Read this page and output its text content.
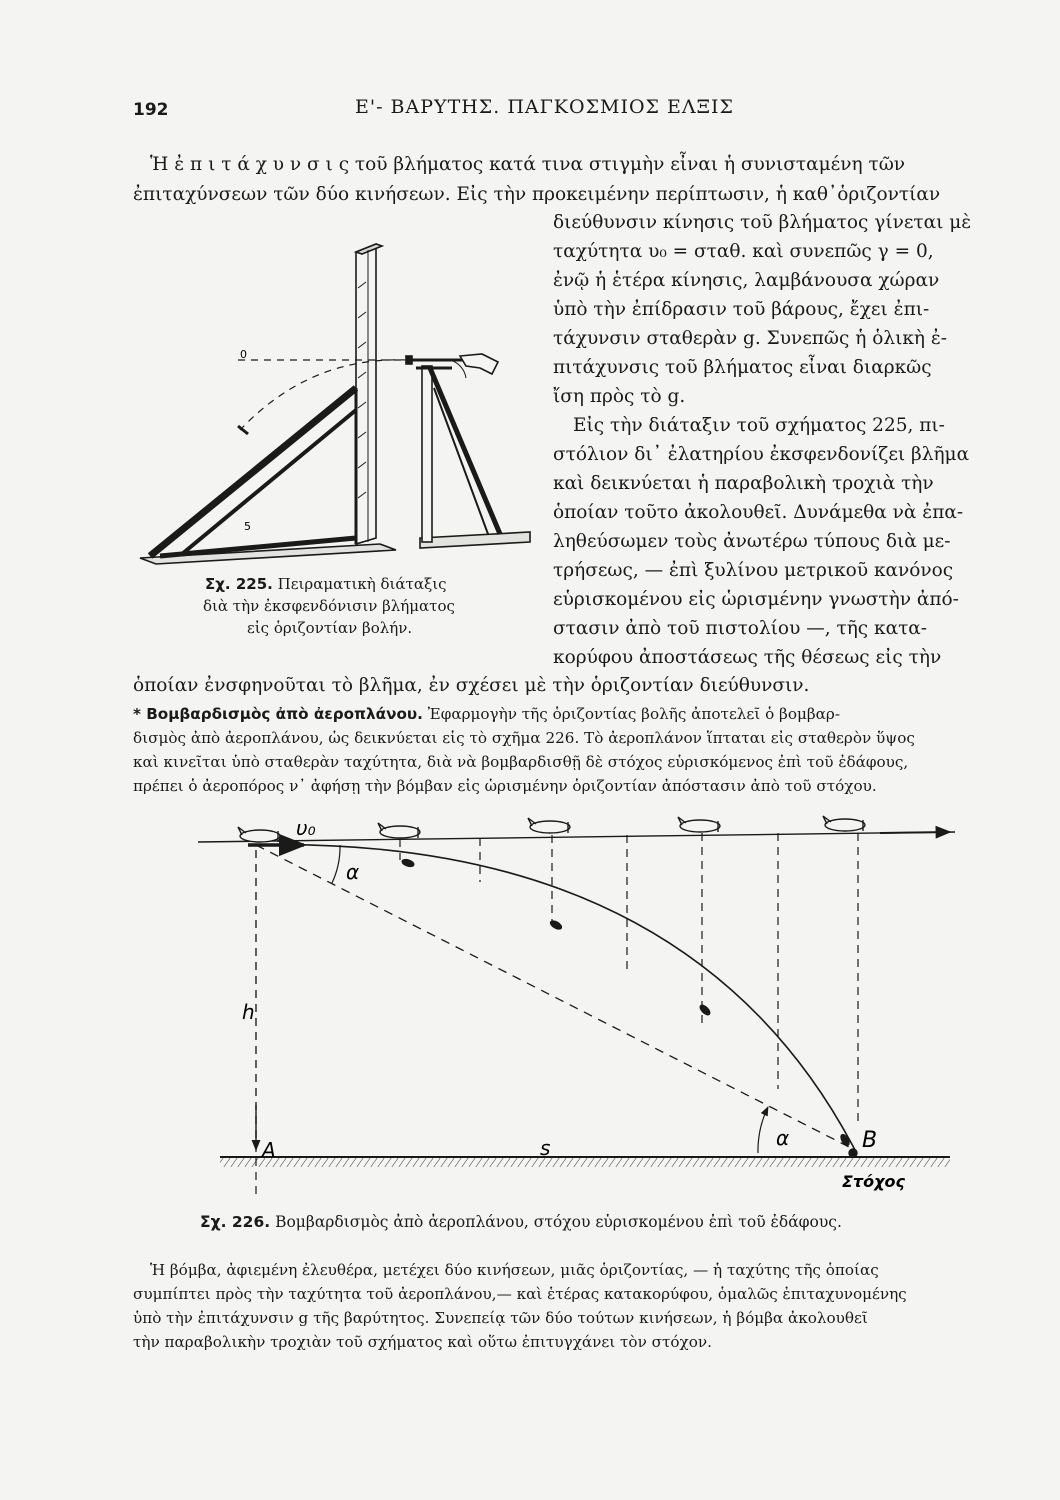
192	Ε'- ΒΑΡΥΤΗΣ. ΠΑΓΚΟΣΜΙΟΣ ΕΛΞΙΣ
Ἡ ἐ π ι τ ά χ υ ν σ ι ς τοῦ βλήματος κατά τινα στιγμὴν εἶναι ἡ συνισταμένη τῶν
ἐπιταχύνσεων τῶν δύο κινήσεων. Εἰς τὴν προκειμένην περίπτωσιν, ἡ καθ᾽ὁριζοντίαν
διεύθυνσιν κίνησις τοῦ βλήματος γίνεται μὲ
ταχύτητα υ₀ = σταθ. καὶ συνεπῶς γ = 0,
ἐνῷ ἡ ἑτέρα κίνησις, λαμβάνουσα χώραν
ὑπὸ τὴν ἐπίδρασιν τοῦ βάρους, ἔχει ἐπι-
τάχυνσιν σταθερὰν g. Συνεπῶς ἡ ὁλικὴ ἐ-
πιτάχυνσις τοῦ βλήματος εἶναι διαρκῶς
ἴση πρὸς τὸ g.
Εἰς τὴν διάταξιν τοῦ σχήματος 225, πι-
στόλιον δι᾽ ἐλατηρίου ἐκσφενδονίζει βλῆμα
καὶ δεικνύεται ἡ παραβολικὴ τροχιὰ τὴν
ὁποίαν τοῦτο ἀκολουθεῖ. Δυνάμεθα νὰ ἐπα-
ληθεύσωμεν τοὺς ἀνωτέρω τύπους διὰ με-
τρήσεως, — ἐπὶ ξυλίνου μετρικοῦ κανόνος
εὑρισκομένου εἰς ὡρισμένην γνωστὴν ἀπό-
στασιν ἀπὸ τοῦ πιστολίου —, τῆς κατα-
κορύφου ἀποστάσεως τῆς θέσεως εἰς τὴν
ὁποίαν ἐνσφηνοῦται τὸ βλῆμα, ἐν σχέσει μὲ τὴν ὁριζοντίαν διεύθυνσιν.
0
5
Σχ. 225. Πειραματικὴ διάταξις
διὰ τὴν ἐκσφενδόνισιν βλήματος
εἰς ὁριζοντίαν βολήν.
* Βομβαρδισμὸς ἀπὸ ἀεροπλάνου. Ἐφαρμογὴν τῆς ὁριζοντίας βολῆς ἀποτελεῖ ὁ βομβαρ-
δισμὸς ἀπὸ ἀεροπλάνου, ὡς δεικνύεται εἰς τὸ σχῆμα 226. Τὸ ἀεροπλάνον ἵπταται εἰς σταθερὸν ὕψος
καὶ κινεῖται ὑπὸ σταθερὰν ταχύτητα, διὰ νὰ βομβαρδισθῇ δὲ στόχος εὑρισκόμενος ἐπὶ τοῦ ἐδάφους,
πρέπει ὁ ἀεροπόρος ν᾽ ἀφήσῃ τὴν βόμβαν εἰς ὡρισμένην ὁριζοντίαν ἀπόστασιν ἀπὸ τοῦ στόχου.
υ₀
α
h
A	s	α	B
Στόχος
Σχ. 226. Βομβαρδισμὸς ἀπὸ ἀεροπλάνου, στόχου εὑρισκομένου ἐπὶ τοῦ ἐδάφους.
Ἡ βόμβα, ἀφιεμένη ἐλευθέρα, μετέχει δύο κινήσεων, μιᾶς ὁριζοντίας, — ἡ ταχύτης τῆς ὁποίας
συμπίπτει πρὸς τὴν ταχύτητα τοῦ ἀεροπλάνου,— καὶ ἑτέρας κατακορύφου, ὁμαλῶς ἐπιταχυνομένης
ὑπὸ τὴν ἐπιτάχυνσιν g τῆς βαρύτητος. Συνεπείᾳ τῶν δύο τούτων κινήσεων, ἡ βόμβα ἀκολουθεῖ
τὴν παραβολικὴν τροχιὰν τοῦ σχήματος καὶ οὕτω ἐπιτυγχάνει τὸν στόχον.
